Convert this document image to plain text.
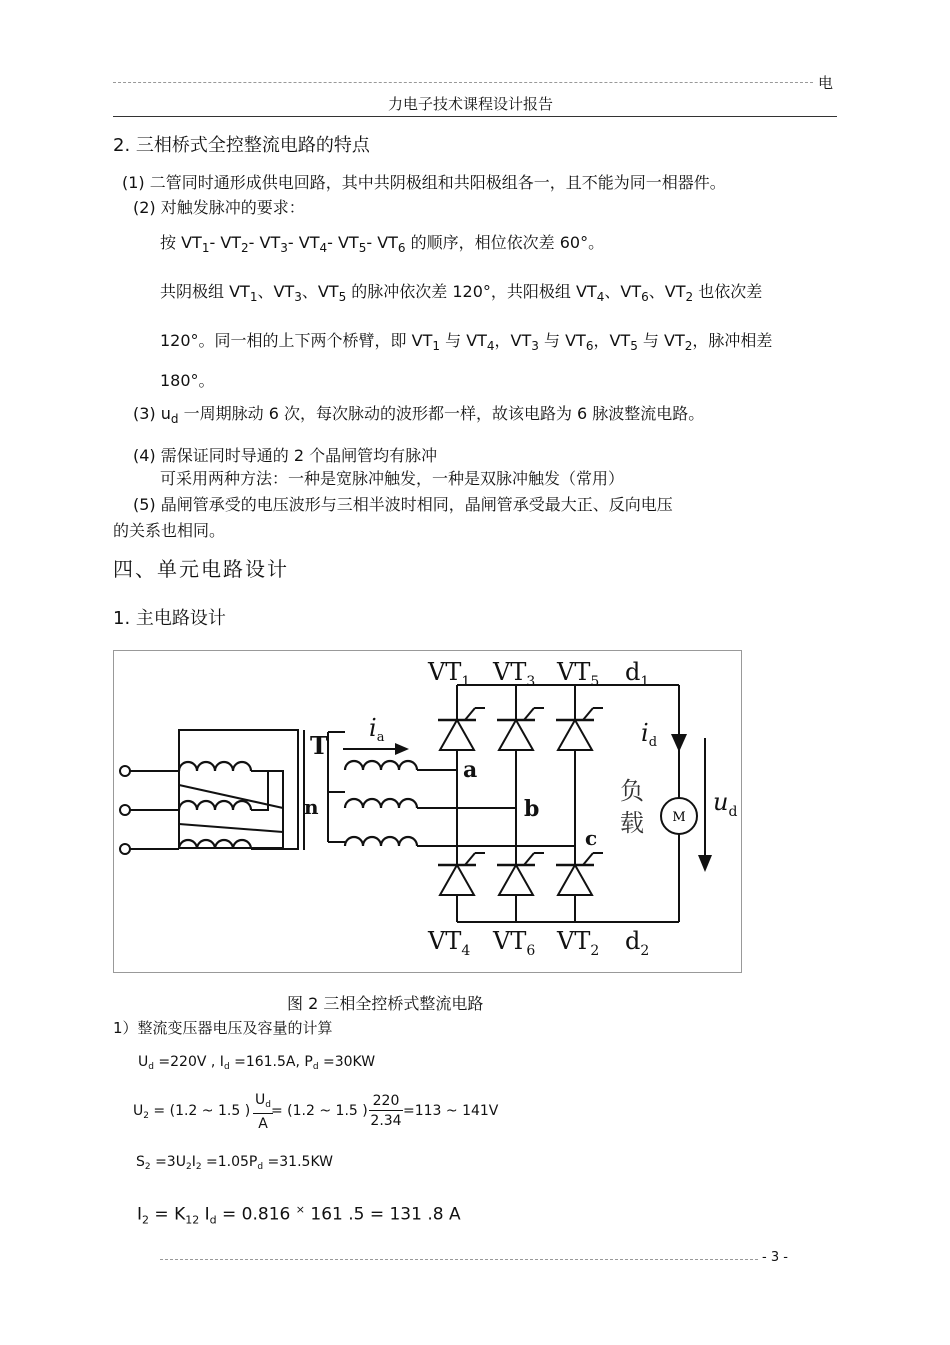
电
力电子技术课程设计报告
2. 三相桥式全控整流电路的特点
(1) 二管同时通形成供电回路，其中共阴极组和共阳极组各一，且不能为同一相器件。
(2) 对触发脉冲的要求：
按 $VT_1-$ $VT_2-$ $VT_3-$ $VT_4-$ $VT_5-$ $VT_6$ 的顺序，相位依次差 60°。
共阴极组 $VT_1$、$VT_3$、$VT_5$ 的脉冲依次差 120°，共阳极组 $VT_4$、$VT_6$、$VT_2$ 也依次差
120°。同一相的上下两个桥臂，即 $VT_1$ 与 $VT_4$，$VT_3$ 与 $VT_6$，$VT_5$ 与 $VT_2$，脉冲相差
180°。
(3) $u_d$ 一周期脉动 6 次，每次脉动的波形都一样，故该电路为 6 脉波整流电路。
(4) 需保证同时导通的 2 个晶闸管均有脉冲
可采用两种方法：一种是宽脉冲触发，一种是双脉冲触发（常用）
(5) 晶闸管承受的电压波形与三相半波时相同，晶闸管承受最大正、反向电压
的关系也相同。
四、单元电路设计
1. 主电路设计
M
$VT_1$ $VT_3$ $VT_5$ $d_1$
$VT_4$ $VT_6$ $VT_2$ $d_2$
T
n
$i_a$
a
b
c
$i_d$
$u_d$
负
载
图 2 三相全控桥式整流电路
1）整流变压器电压及容量的计算
$U_d =220V$ , $I_d =161.5A$, $P_d =30KW$
$U_2 = (1.2$ ~ 1.5 )
$U_d$
A
= (1.2 ~ 1.5 )
220
2.34
=113 ~ 141V
$S_2 =3U_2I_2 =1.05P_d =31.5KW$
$I_2 = K_{12}$ $I_d = 0.816$ × 161 .5 = 131 .8 A
- 3 -
